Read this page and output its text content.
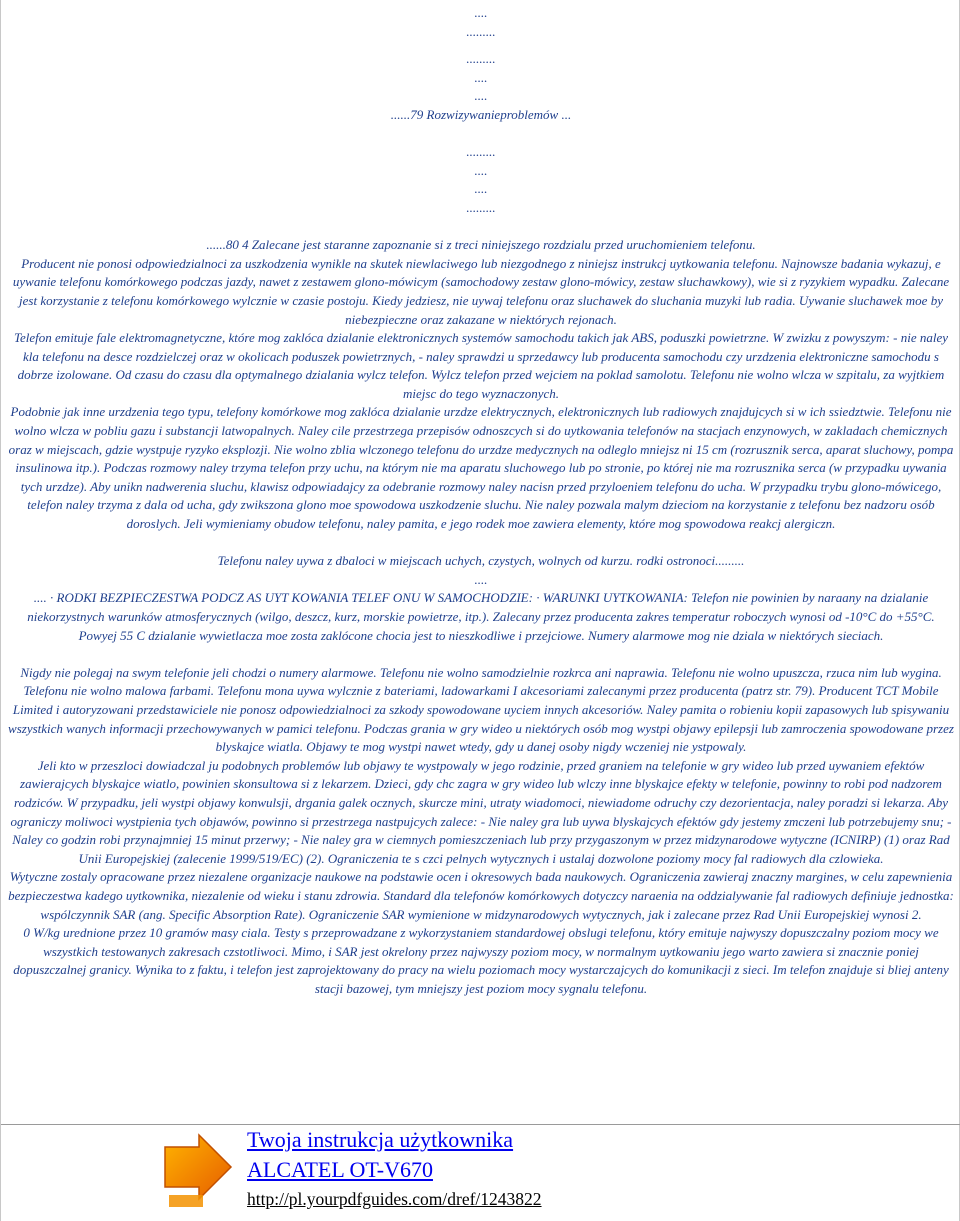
....

.........

.........

....

....

......79 Rozwizywanieproblemów ...

.........

....

....

.........

......80 4 Zalecane jest staranne zapoznanie si z treci niniejszego rozdzialu przed uruchomieniem telefonu.

Producent nie ponosi odpowiedzialnoci za uszkodzenia wynikle na skutek niewlaciwego lub niezgodnego z niniejsz instrukcj uytkowania telefonu. Najnowsze badania wykazuj, e uywanie telefonu komórkowego podczas jazdy, nawet z zestawem glono-mówicym (samochodowy zestaw glono-mówicy, zestaw sluchawkowy), wie si z ryzykiem wypadku. Zalecane jest korzystanie z telefonu komórkowego wylcznie w czasie postoju. Kiedy jedziesz, nie uywaj telefonu oraz sluchawek do sluchania muzyki lub radia. Uywanie sluchawek moe by niebezpieczne oraz zakazane w niektórych rejonach.

Telefon emituje fale elektromagnetyczne, które mog zaklóca dzialanie elektronicznych systemów samochodu takich jak ABS, poduszki powietrzne. W zwizku z powyszym: - nie naley kla telefonu na desce rozdzielczej oraz w okolicach poduszek powietrznych, - naley sprawdzi u sprzedawcy lub producenta samochodu czy urzdzenia elektroniczne samochodu s dobrze izolowane. Od czasu do czasu dla optymalnego dzialania wylcz telefon. Wylcz telefon przed wejciem na poklad samolotu. Telefonu nie wolno wlcza w szpitalu, za wyjtkiem miejsc do tego wyznaczonych.

Podobnie jak inne urzdzenia tego typu, telefony komórkowe mog zaklóca dzialanie urzdze elektrycznych, elektronicznych lub radiowych znajdujcych si w ich ssiedztwie. Telefonu nie wolno wlcza w pobliu gazu i substancji latwopalnych. Naley cile przestrzega przepisów odnoszcych si do uytkowania telefonów na stacjach enzynowych, w zakladach chemicznych oraz w miejscach, gdzie wystpuje ryzyko eksplozji. Nie wolno zblia wlczonego telefonu do urzdze medycznych na odleglo mniejsz ni 15 cm (rozrusznik serca, aparat sluchowy, pompa insulinowa itp.). Podczas rozmowy naley trzyma telefon przy uchu, na którym nie ma aparatu sluchowego lub po stronie, po której nie ma rozrusznika serca (w przypadku uywania tych urzdze). Aby unikn nadwerenia sluchu, klawisz odpowiadajcy za odebranie rozmowy naley nacisn przed przyloeniem telefonu do ucha. W przypadku trybu glono-mówicego, telefon naley trzyma z dala od ucha, gdy zwikszona glono moe spowodowa uszkodzenie sluchu. Nie naley pozwala malym dzieciom na korzystanie z telefonu bez nadzoru osób doroslych. Jeli wymieniamy obudow telefonu, naley pamita, e jego rodek moe zawiera elementy, które mog spowodowa reakcj alergiczn.

Telefonu naley uywa z dbaloci w miejscach uchych, czystych, wolnych od kurzu. rodki ostronoci.........

....

.... · RODKI BEZPIECZESTWA PODCZ AS UYT KOWANIA TELEF ONU W SAMOCHODZIE: · WARUNKI UYTKOWANIA: Telefon nie powinien by naraany na dzialanie niekorzystnych warunków atmosferycznych (wilgo, deszcz, kurz, morskie powietrze, itp.). Zalecany przez producenta zakres temperatur roboczych wynosi od -10°C do +55°C. Powyej 55 C dzialanie wywietlacza moe zosta zaklócone chocia jest to nieszkodliwe i przejciowe. Numery alarmowe mog nie dziala w niektórych sieciach.

Nigdy nie polegaj na swym telefonie jeli chodzi o numery alarmowe. Telefonu nie wolno samodzielnie rozkrca ani naprawia. Telefonu nie wolno upuszcza, rzuca nim lub wygina. Telefonu nie wolno malowa farbami. Telefonu mona uywa wylcznie z bateriami, ladowarkami I akcesoriami zalecanymi przez producenta (patrz str. 79). Producent TCT Mobile Limited i autoryzowani przedstawiciele nie ponosz odpowiedzialnoci za szkody spowodowane uyciem innych akcesoriów. Naley pamita o robieniu kopii zapasowych lub spisywaniu wszystkich wanych informacji przechowywanych w pamici telefonu. Podczas grania w gry wideo u niektórych osób mog wystpi objawy epilepsji lub zamroczenia spowodowane przez blyskajce wiatla. Objawy te mog wystpi nawet wtedy, gdy u danej osoby nigdy wczeniej nie ystpowaly.

Jeli kto w przeszloci dowiadczal ju podobnych problemów lub objawy te wystpowaly w jego rodzinie, przed graniem na telefonie w gry wideo lub przed uywaniem efektów zawierajcych blyskajce wiatlo, powinien skonsultowa si z lekarzem. Dzieci, gdy chc zagra w gry wideo lub wlczy inne blyskajce efekty w telefonie, powinny to robi pod nadzorem rodziców. W przypadku, jeli wystpi objawy konwulsji, drgania galek ocznych, skurcze mini, utraty wiadomoci, niewiadome odruchy czy dezorientacja, naley poradzi si lekarza. Aby ograniczy moliwoci wystpienia tych objawów, powinno si przestrzega nastpujcych zalece: - Nie naley gra lub uywa blyskajcych efektów gdy jestemy zmczeni lub potrzebujemy snu; - Naley co godzin robi przynajmniej 15 minut przerwy; - Nie naley gra w ciemnych pomieszczeniach lub przy przygaszonym w przez midzynarodowe wytyczne (ICNIRP) (1) oraz Rad Unii Europejskiej (zalecenie 1999/519/EC) (2). Ograniczenia te s czci pelnych wytycznych i ustalaj dozwolone poziomy mocy fal radiowych dla czlowieka.

Wytyczne zostaly opracowane przez niezalene organizacje naukowe na podstawie ocen i okresowych bada naukowych. Ograniczenia zawieraj znaczny margines, w celu zapewnienia bezpieczestwa kadego uytkownika, niezalenie od wieku i stanu zdrowia. Standard dla telefonów komórkowych dotyczcy naraenia na oddzialywanie fal radiowych definiuje jednostka: wspólczynnik SAR (ang. Specific Absorption Rate). Ograniczenie SAR wymienione w midzynarodowych wytycznych, jak i zalecane przez Rad Unii Europejskiej wynosi 2.

0 W/kg urednione przez 10 gramów masy ciala. Testy s przeprowadzane z wykorzystaniem standardowej obslugi telefonu, który emituje najwyszy dopuszczalny poziom mocy we wszystkich testowanych zakresach czstotliwoci. Mimo, i SAR jest okrelony przez najwyszy poziom mocy, w normalnym uytkowaniu jego warto zawiera si znacznie poniej dopuszczalnej granicy. Wynika to z faktu, i telefon jest zaprojektowany do pracy na wielu poziomach mocy wystarczajcych do komunikacji z sieci. Im telefon znajduje si bliej anteny stacji bazowej, tym mniejszy jest poziom mocy sygnalu telefonu.

Twoja instrukcja użytkownika
ALCATEL OT-V670
http://pl.yourpdfguides.com/dref/1243822
